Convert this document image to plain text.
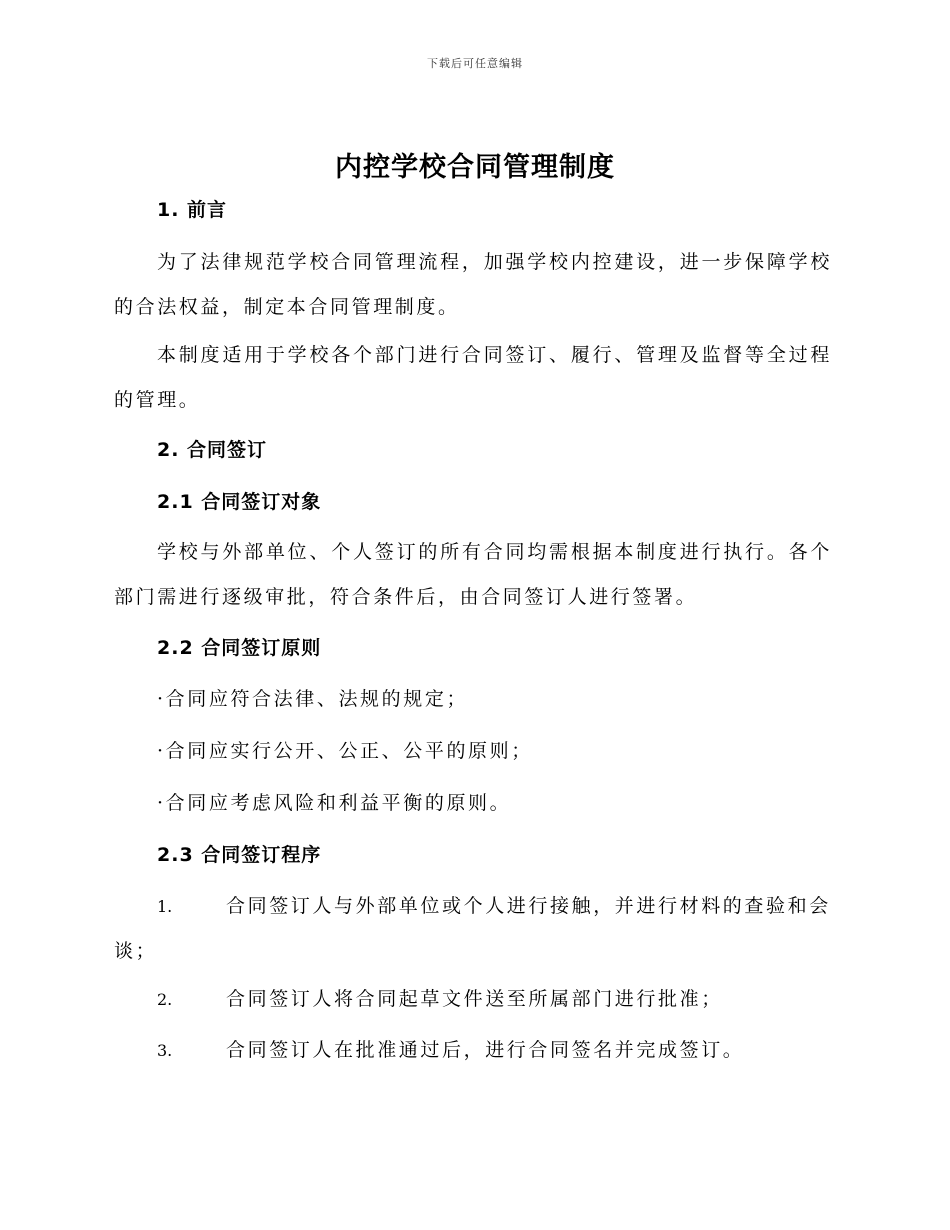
下载后可任意编辑
内控学校合同管理制度
1. 前言

为了法律规范学校合同管理流程，加强学校内控建设，进一步保障学校的合法权益，制定本合同管理制度。

本制度适用于学校各个部门进行合同签订、履行、管理及监督等全过程的管理。

2. 合同签订
2.1 合同签订对象

学校与外部单位、个人签订的所有合同均需根据本制度进行执行。各个部门需进行逐级审批，符合条件后，由合同签订人进行签署。

2.2 合同签订原则

·合同应符合法律、法规的规定；

·合同应实行公开、公正、公平的原则；

·合同应考虑风险和利益平衡的原则。

2.3 合同签订程序
1.	合同签订人与外部单位或个人进行接触，并进行材料的查验和会谈；
2.	合同签订人将合同起草文件送至所属部门进行批准；
3.	合同签订人在批准通过后，进行合同签名并完成签订。
